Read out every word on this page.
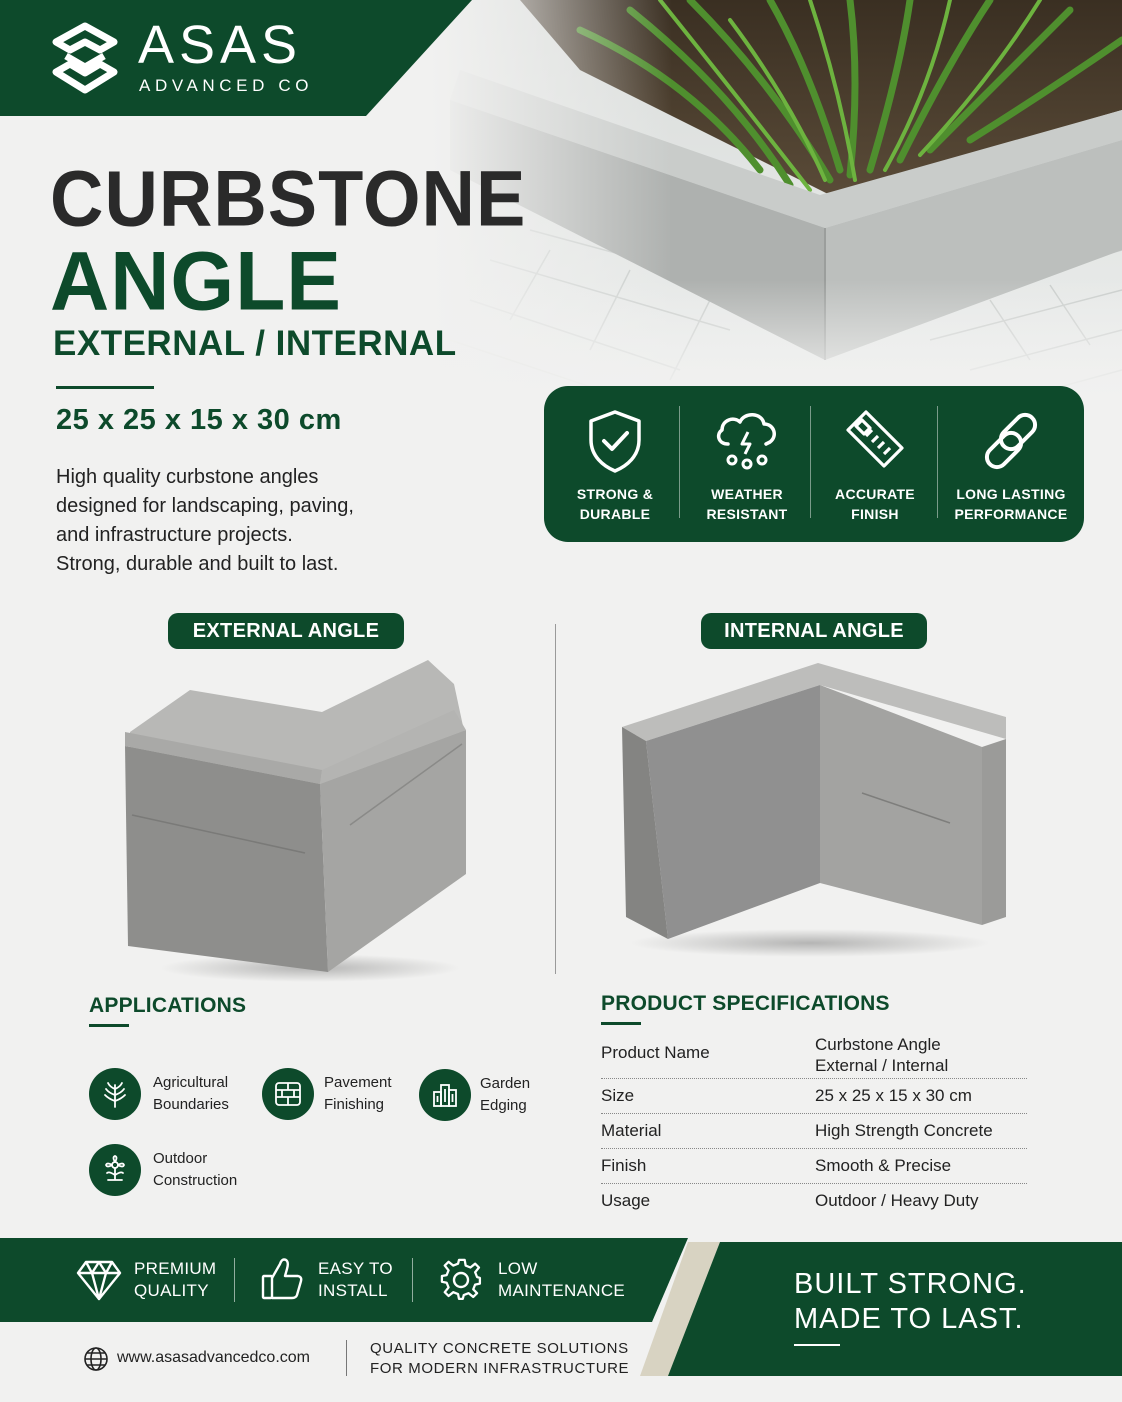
ASAS
ADVANCED CO
CURBSTONE
ANGLE
EXTERNAL / INTERNAL
25 x 25 x 15 x 30 cm
High quality curbstone angles
designed for landscaping, paving,
and infrastructure projects.
Strong, durable and built to last.
STRONG &
DURABLE
WEATHER
RESISTANT
ACCURATE
FINISH
LONG LASTING
PERFORMANCE
EXTERNAL ANGLE	INTERNAL ANGLE
APPLICATIONS
Agricultural
Boundaries
Pavement
Finishing
Garden
Edging
Outdoor
Construction
PRODUCT SPECIFICATIONS
Product Name	Curbstone Angle
External / Internal
Size	25 x 25 x 15 x 30 cm
Material	High Strength Concrete
Finish	Smooth & Precise
Usage	Outdoor / Heavy Duty
PREMIUM
QUALITY
EASY TO
INSTALL
LOW
MAINTENANCE	BUILT STRONG.
MADE TO LAST.
www.asasadvancedco.com
QUALITY CONCRETE SOLUTIONS
FOR MODERN INFRASTRUCTURE
